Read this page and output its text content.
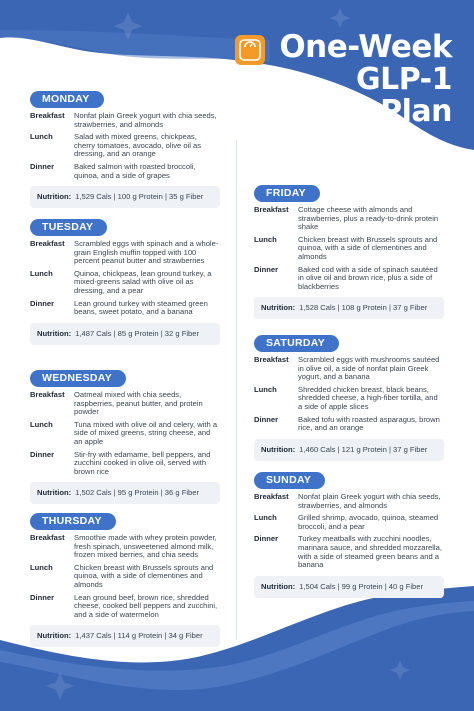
One-Week
GLP-1
Meal Plan
MONDAY
Breakfast	Nonfat plain Greek yogurt with chia seeds, strawberries, and almonds
Lunch	Salad with mixed greens, chickpeas, cherry tomatoes, avocado, olive oil as dressing, and an orange
Dinner	Baked salmon with roasted broccoli, quinoa, and a side of grapes
Nutrition: 1,529 Cals | 100 g Protein | 35 g Fiber
TUESDAY
Breakfast	Scrambled eggs with spinach and a whole-grain English muffin topped with 100 percent peanut butter and strawberries
Lunch	Quinoa, chickpeas, lean ground turkey, a mixed-greens salad with olive oil as dressing, and a pear
Dinner	Lean ground turkey with steamed green beans, sweet potato, and a banana
Nutrition: 1,487 Cals | 85 g Protein | 32 g Fiber
WEDNESDAY
Breakfast	Oatmeal mixed with chia seeds, raspberries, peanut butter, and protein powder
Lunch	Tuna mixed with olive oil and celery, with a side of mixed greens, string cheese, and an apple
Dinner	Stir-fry with edamame, bell peppers, and zucchini cooked in olive oil, served with brown rice
Nutrition: 1,502 Cals | 95 g Protein | 36 g Fiber
THURSDAY
Breakfast	Smoothie made with whey protein powder, fresh spinach, unsweetened almond milk, frozen mixed berries, and chia seeds
Lunch	Chicken breast with Brussels sprouts and quinoa, with a side of clementines and almonds
Dinner	Lean ground beef, brown rice, shredded cheese, cooked bell peppers and zucchini, and a side of watermelon
Nutrition: 1,437 Cals | 114 g Protein | 34 g Fiber
FRIDAY
Breakfast	Cottage cheese with almonds and strawberries, plus a ready-to-drink protein shake
Lunch	Chicken breast with Brussels sprouts and quinoa, with a side of clementines and almonds
Dinner	Baked cod with a side of spinach sautéed in olive oil and brown rice, plus a side of blackberries
Nutrition: 1,528 Cals | 108 g Protein | 37 g Fiber
SATURDAY
Breakfast	Scrambled eggs with mushrooms sautéed in olive oil, a side of nonfat plain Greek yogurt, and a banana
Lunch	Shredded chicken breast, black beans, shredded cheese, a high-fiber tortilla, and a side of apple slices
Dinner	Baked tofu with roasted asparagus, brown rice, and an orange
Nutrition: 1,460 Cals | 121 g Protein | 37 g Fiber
SUNDAY
Breakfast	Nonfat plain Greek yogurt with chia seeds, strawberries, and almonds
Lunch	Grilled shrimp, avocado, quinoa, steamed broccoli, and a pear
Dinner	Turkey meatballs with zucchini noodles, marinara sauce, and shredded mozzarella, with a side of steamed green beans and a banana
Nutrition: 1,504 Cals | 99 g Protein | 40 g Fiber
